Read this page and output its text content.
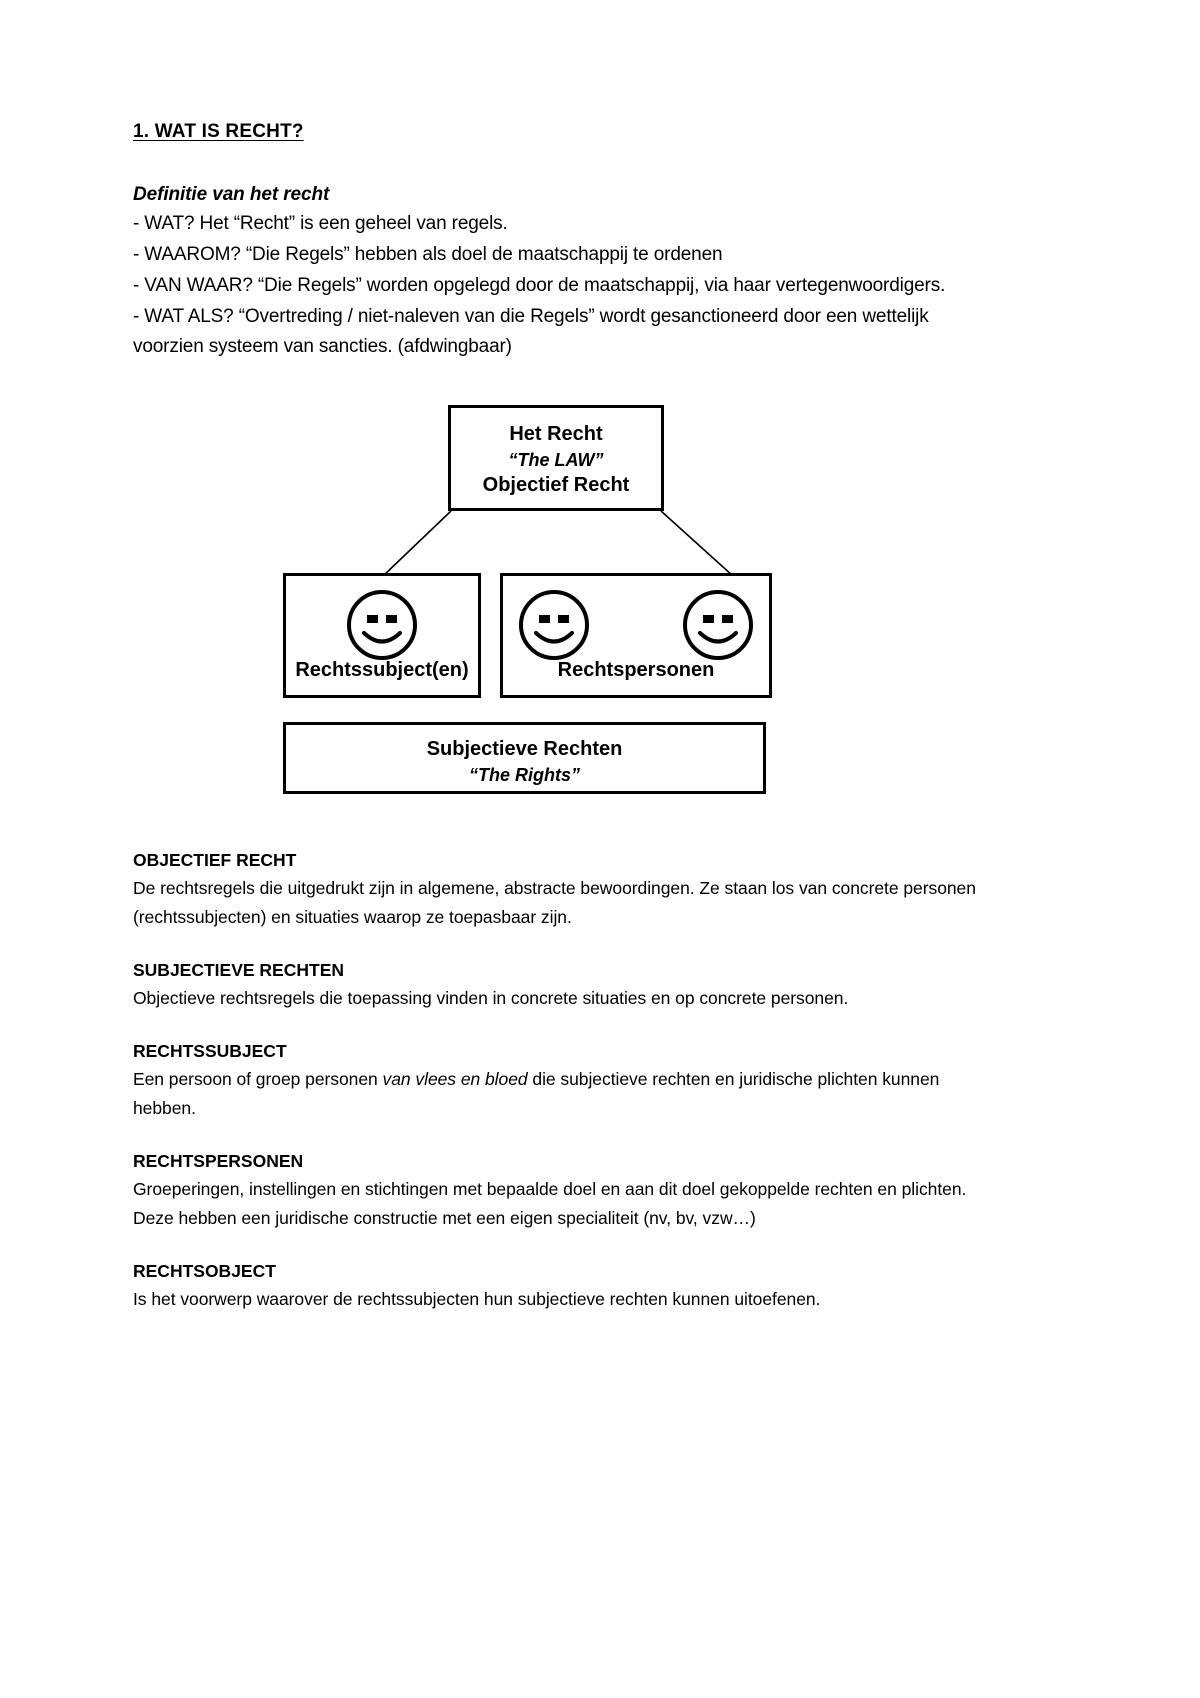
1. WAT IS RECHT?
Definitie van het recht
- WAT? Het “Recht” is een geheel van regels.
- WAAROM? “Die Regels” hebben als doel de maatschappij te ordenen
- VAN WAAR? “Die Regels” worden opgelegd door de maatschappij, via haar vertegenwoordigers.
- WAT ALS? “Overtreding / niet-naleven van die Regels” wordt gesanctioneerd door een wettelijk voorzien systeem van sancties. (afdwingbaar)
Het Recht
“The LAW”
Objectief Recht
Rechtssubject(en)	Rechtspersonen
Subjectieve Rechten
“The Rights”
OBJECTIEF RECHT
De rechtsregels die uitgedrukt zijn in algemene, abstracte bewoordingen. Ze staan los van concrete personen (rechtssubjecten) en situaties waarop ze toepasbaar zijn.
SUBJECTIEVE RECHTEN
Objectieve rechtsregels die toepassing vinden in concrete situaties en op concrete personen.
RECHTSSUBJECT
Een persoon of groep personen van vlees en bloed die subjectieve rechten en juridische plichten kunnen hebben.
RECHTSPERSONEN
Groeperingen, instellingen en stichtingen met bepaalde doel en aan dit doel gekoppelde rechten en plichten. Deze hebben een juridische constructie met een eigen specialiteit (nv, bv, vzw…)
RECHTSOBJECT
Is het voorwerp waarover de rechtssubjecten hun subjectieve rechten kunnen uitoefenen.
